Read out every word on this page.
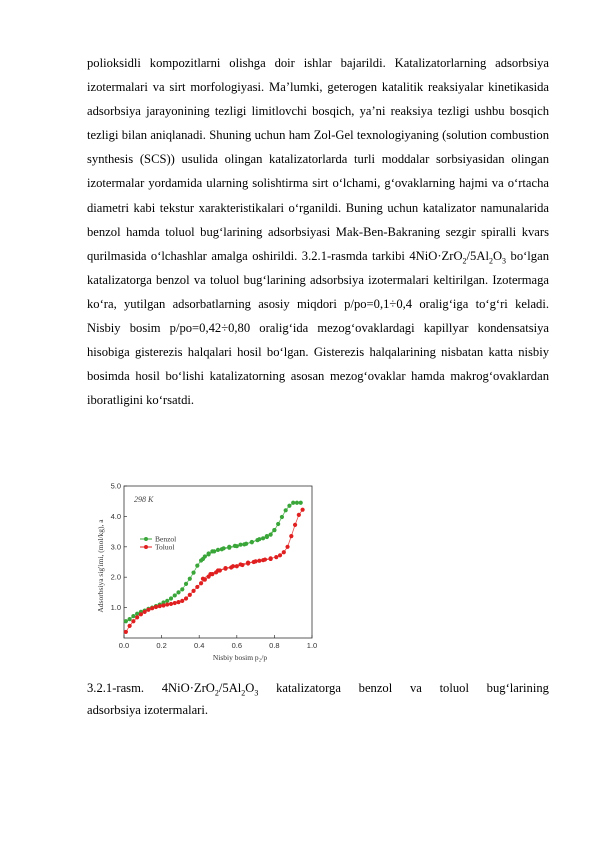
polioksidli kompozitlarni olishga doir ishlar bajarildi. Katalizatorlarning adsorbsiya izotermalari va sirt morfologiyasi. Ma’lumki, geterogen katalitik reaksiyalar kinetikasida adsorbsiya jarayonining tezligi limitlovchi bosqich, ya’ni reaksiya tezligi ushbu bosqich tezligi bilan aniqlanadi. Shuning uchun ham Zol-Gel texnologiyaning (solution combustion synthesis (SCS)) usulida olingan katalizatorlarda turli moddalar sorbsiyasidan olingan izotermalar yordamida ularning solishtirma sirt o‘lchami, g‘ovaklarning hajmi va o‘rtacha diametri kabi tekstur xarakteristikalari o‘rganildi. Buning uchun katalizator namunalarida benzol hamda toluol bug‘larining adsorbsiyasi Mak-Ben-Bakraning sezgir spiralli kvars qurilmasida o‘lchashlar amalga oshirildi. 3.2.1-rasmda tarkibi $4NiO\cdot ZrO_2/5Al_2O_3$ bo‘lgan katalizatorga benzol va toluol bug‘larining adsorbsiya izotermalari keltirilgan. Izotermaga ko‘ra, yutilgan adsorbatlarning asosiy miqdori p/po=0,1÷0,4 oralig‘iga to‘g‘ri keladi. Nisbiy bosim p/po=0,42÷0,80 oralig‘ida mezog‘ovaklardagi kapillyar kondensatsiya hisobiga gisterezis halqalari hosil bo‘lgan. Gisterezis halqalarining nisbatan katta nisbiy bosimda hosil bo‘lishi katalizatorning asosan mezog‘ovaklar hamda makrog‘ovaklardan iboratligini ko‘rsatdi.
298 K
Adsorbsiya sig'imi, (mol/kg), a
Nisbiy bosim p₂/p
0.0	0.2	0.4	0.6	0.8	1.0
1.0
2.0
3.0
4.0
5.0
Benzol
Toluol
3.2.1-rasm. $4NiO\cdot ZrO_2/5Al_2O_3$ katalizatorga benzol va toluol bug‘larining
adsorbsiya izotermalari.
